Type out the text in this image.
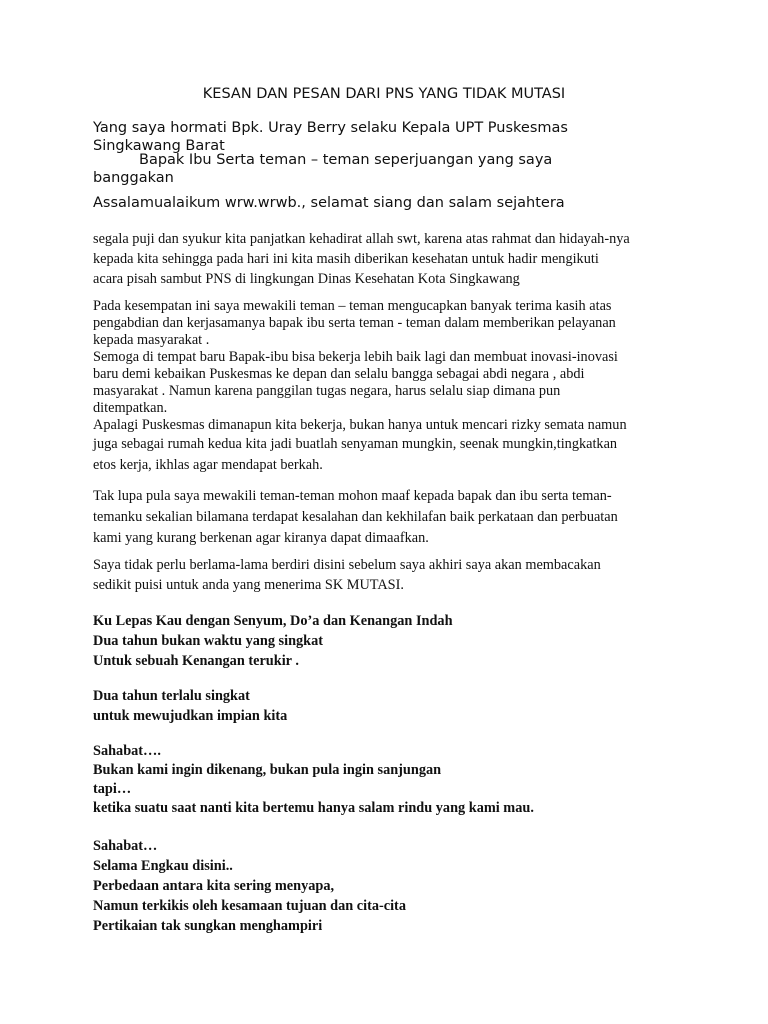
KESAN DAN PESAN DARI PNS YANG TIDAK MUTASI

Yang saya hormati Bpk. Uray Berry selaku Kepala UPT Puskesmas
Singkawang Barat

Bapak Ibu Serta teman – teman seperjuangan yang saya
banggakan

Assalamualaikum wrw.wrwb., selamat siang dan salam sejahtera

segala puji dan syukur kita panjatkan kehadirat allah swt, karena atas rahmat dan hidayah-nya
kepada kita sehingga pada hari ini kita masih diberikan kesehatan untuk hadir mengikuti
acara pisah sambut PNS di lingkungan Dinas Kesehatan Kota Singkawang

Pada kesempatan ini saya mewakili teman – teman mengucapkan banyak terima kasih atas
pengabdian dan kerjasamanya bapak ibu serta teman - teman dalam memberikan pelayanan
kepada masyarakat .
Semoga di tempat baru Bapak-ibu bisa bekerja lebih baik lagi dan membuat inovasi-inovasi
baru demi kebaikan Puskesmas ke depan dan selalu bangga sebagai abdi negara , abdi
masyarakat . Namun karena panggilan tugas negara, harus selalu siap dimana pun
ditempatkan.
Apalagi Puskesmas dimanapun kita bekerja, bukan hanya untuk mencari rizky semata namun
juga sebagai rumah kedua kita jadi buatlah senyaman mungkin, seenak mungkin,tingkatkan
etos kerja, ikhlas agar mendapat berkah.

Tak lupa pula saya mewakili teman-teman mohon maaf kepada bapak dan ibu serta teman-
temanku sekalian bilamana terdapat kesalahan dan kekhilafan baik perkataan dan perbuatan
kami yang kurang berkenan agar kiranya dapat dimaafkan.

Saya tidak perlu berlama-lama berdiri disini sebelum saya akhiri saya akan membacakan
sedikit puisi untuk anda yang menerima SK MUTASI.

Ku Lepas Kau dengan Senyum, Do’a dan Kenangan Indah
Dua tahun bukan waktu yang singkat
Untuk sebuah Kenangan terukir .

Dua tahun terlalu singkat
untuk mewujudkan impian kita

Sahabat….
Bukan kami ingin dikenang, bukan pula ingin sanjungan
tapi…
ketika suatu saat nanti kita bertemu hanya salam rindu yang kami mau.

Sahabat…
Selama Engkau disini..
Perbedaan antara kita sering menyapa,
Namun terkikis oleh kesamaan tujuan dan cita-cita
Pertikaian tak sungkan menghampiri
